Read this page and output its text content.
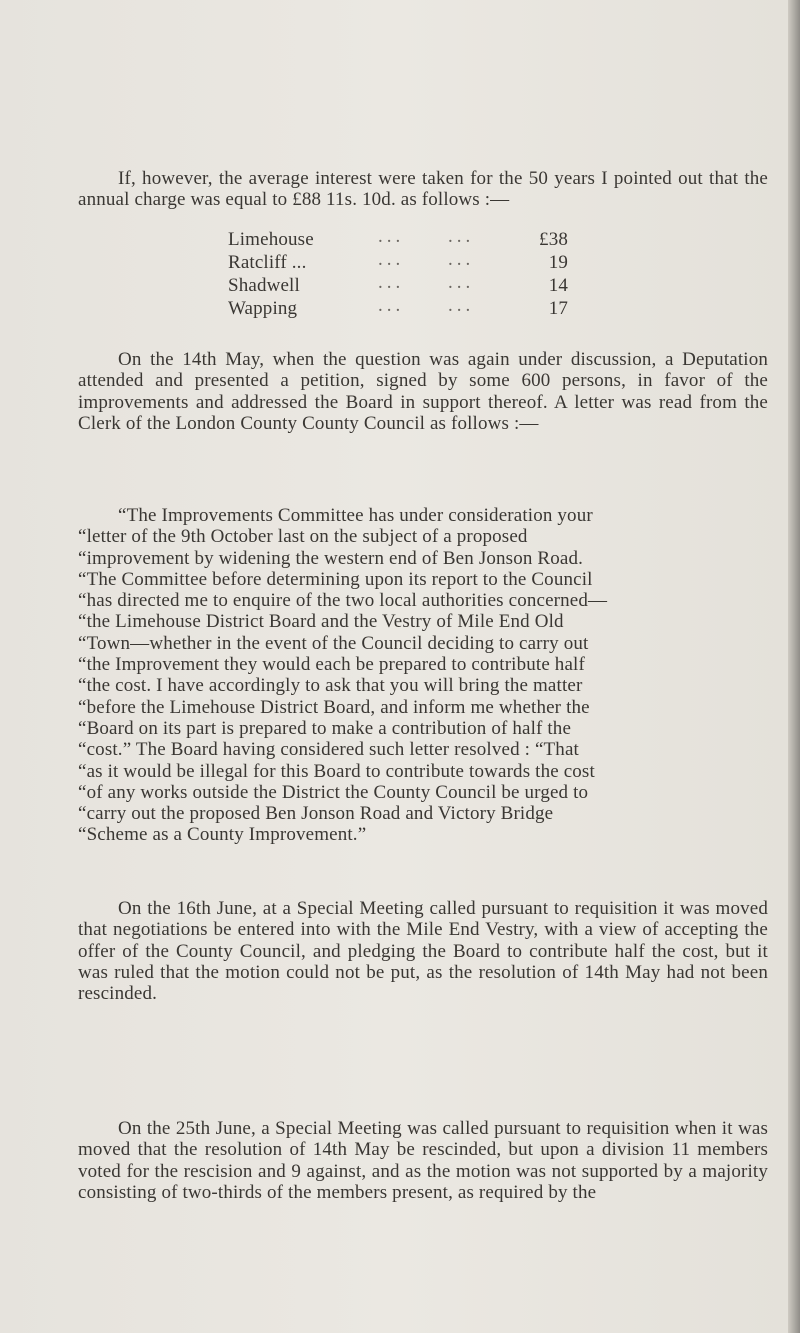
If, however, the average interest were taken for the 50 years I pointed out that the annual charge was equal to £88 11s. 10d. as follows :—

Limehouse	... ...	£38
Ratcliff ...	... ...	19
Shadwell	... ...	14
Wapping	... ...	17

On the 14th May, when the question was again under discussion, a Deputation attended and presented a petition, signed by some 600 persons, in favor of the improvements and addressed the Board in support thereof. A letter was read from the Clerk of the London County County Council as follows :—

“The Improvements Committee has under consideration your
“letter of the 9th October last on the subject of a proposed
“improvement by widening the western end of Ben Jonson Road.
“The Committee before determining upon its report to the Council
“has directed me to enquire of the two local authorities concerned—
“the Limehouse District Board and the Vestry of Mile End Old
“Town—whether in the event of the Council deciding to carry out
“the Improvement they would each be prepared to contribute half
“the cost. I have accordingly to ask that you will bring the matter
“before the Limehouse District Board, and inform me whether the
“Board on its part is prepared to make a contribution of half the
“cost.” The Board having considered such letter resolved : “That
“as it would be illegal for this Board to contribute towards the cost
“of any works outside the District the County Council be urged to
“carry out the proposed Ben Jonson Road and Victory Bridge
“Scheme as a County Improvement.”

On the 16th June, at a Special Meeting called pursuant to requisition it was moved that negotiations be entered into with the Mile End Vestry, with a view of accepting the offer of the County Council, and pledging the Board to contribute half the cost, but it was ruled that the motion could not be put, as the resolution of 14th May had not been rescinded.

On the 25th June, a Special Meeting was called pursuant to requisition when it was moved that the resolution of 14th May be rescinded, but upon a division 11 members voted for the rescision and 9 against, and as the motion was not supported by a majority consisting of two-thirds of the members present, as required by the
